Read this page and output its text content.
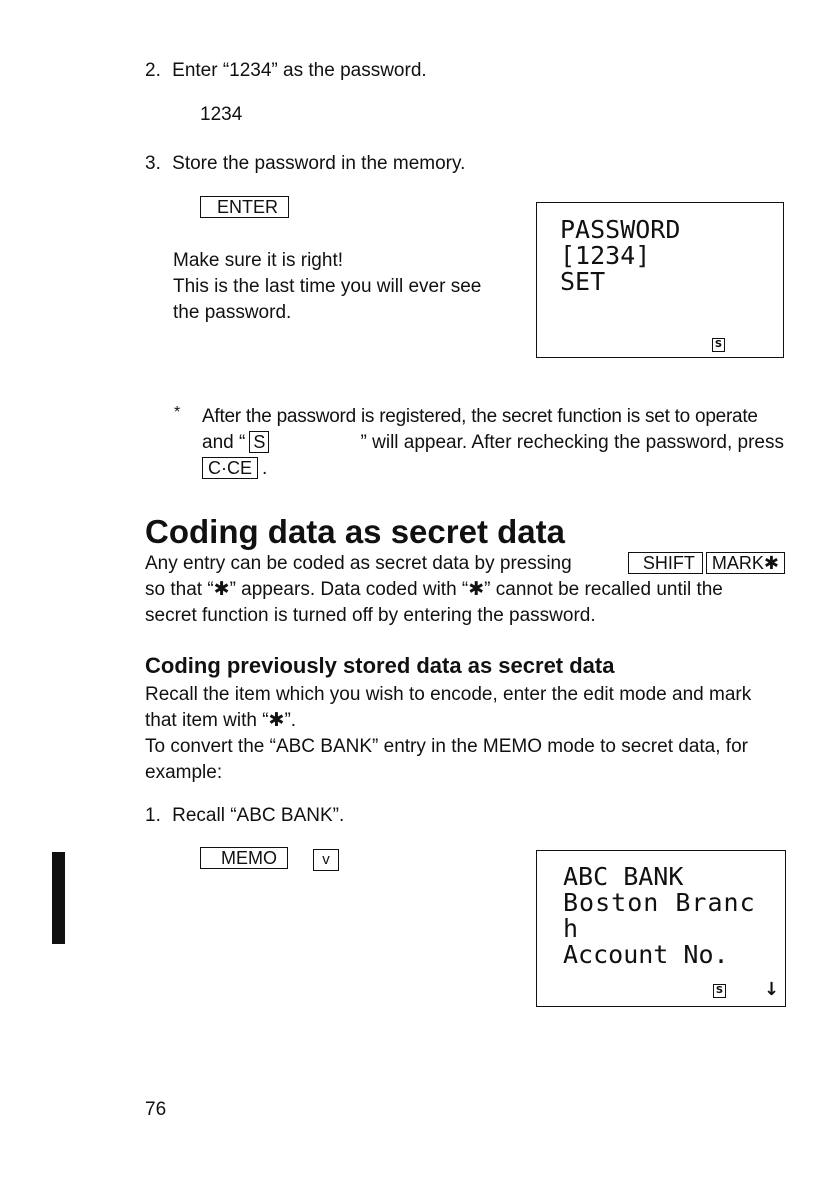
2. Enter “1234” as the password.
1234
3. Store the password in the memory.
ENTER
Make sure it is right!
This is the last time you will ever see
the password.
PASSWORD
[1234]
SET
S
* After the password is registered, the secret function is set to operate
and “ S	” will appear. After rechecking the password, press
C·CE .
Coding data as secret data
Any entry can be coded as secret data by pressing	SHIFT MARK✱
so that “✱” appears. Data coded with “✱” cannot be recalled until the
secret function is turned off by entering the password.
Coding previously stored data as secret data
Recall the item which you wish to encode, enter the edit mode and mark
that item with “✱”.
To convert the “ABC BANK” entry in the MEMO mode to secret data, for
example:
1. Recall “ABC BANK”.
MEMO	v
ABC BANK
Boston Branc
h
Account No.
S ↓
76
